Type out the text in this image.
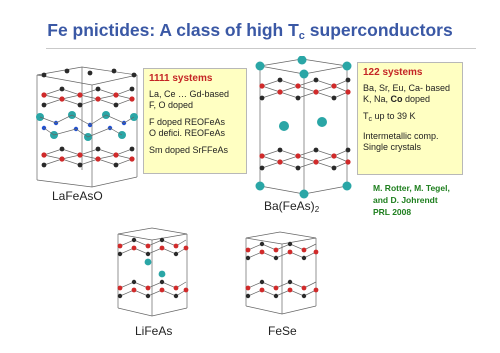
Fe pnictides: A class of high $T_c$ superconductors
LaFeAsO
1111 systems

La, Ce … Gd-based
F, O doped

F doped REOFeAs
O defici. REOFeAs

Sm doped SrFFeAs

$Ba(FeAs)_2$
122 systems

Ba, Sr, Eu, Ca- based
K, Na, Co doped

$T_c$ up to 39 K

Intermetallic comp.
Single crystals

M. Rotter, M. Tegel,
and D. Johrendt
PRL 2008
LiFeAs	FeSe
